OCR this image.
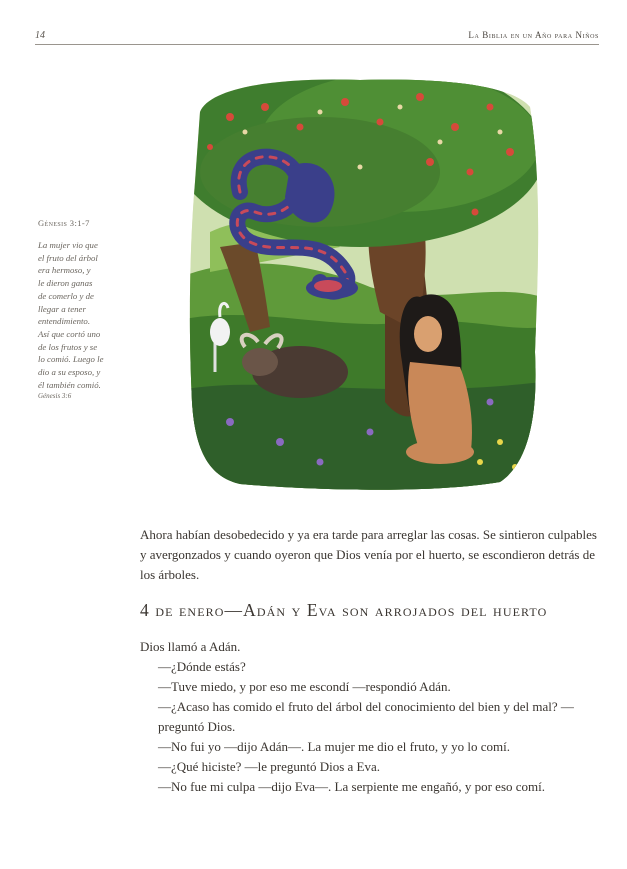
14	La Biblia en un Año para Niños
Génesis 3:1-7
La mujer vio que
el fruto del árbol
era hermoso, y
le dieron ganas
de comerlo y de
llegar a tener
entendimiento.
Así que cortó uno
de los frutos y se
lo comió. Luego le
dio a su esposo, y
él también comió.
Génesis 3:6

Ahora habían desobedecido y ya era tarde para arreglar las cosas. Se sintieron culpables y avergonzados y cuando oyeron que Dios venía por el huerto, se escondieron detrás de los árboles.

4 de enero—Adán y Eva son arrojados del huerto

Dios llamó a Adán.

—¿Dónde estás?

—Tuve miedo, y por eso me escondí —respondió Adán.

—¿Acaso has comido el fruto del árbol del conocimiento del bien y del mal? —preguntó Dios.

—No fui yo —dijo Adán—. La mujer me dio el fruto, y yo lo comí.

—¿Qué hiciste? —le preguntó Dios a Eva.

—No fue mi culpa —dijo Eva—. La serpiente me engañó, y por eso comí.
